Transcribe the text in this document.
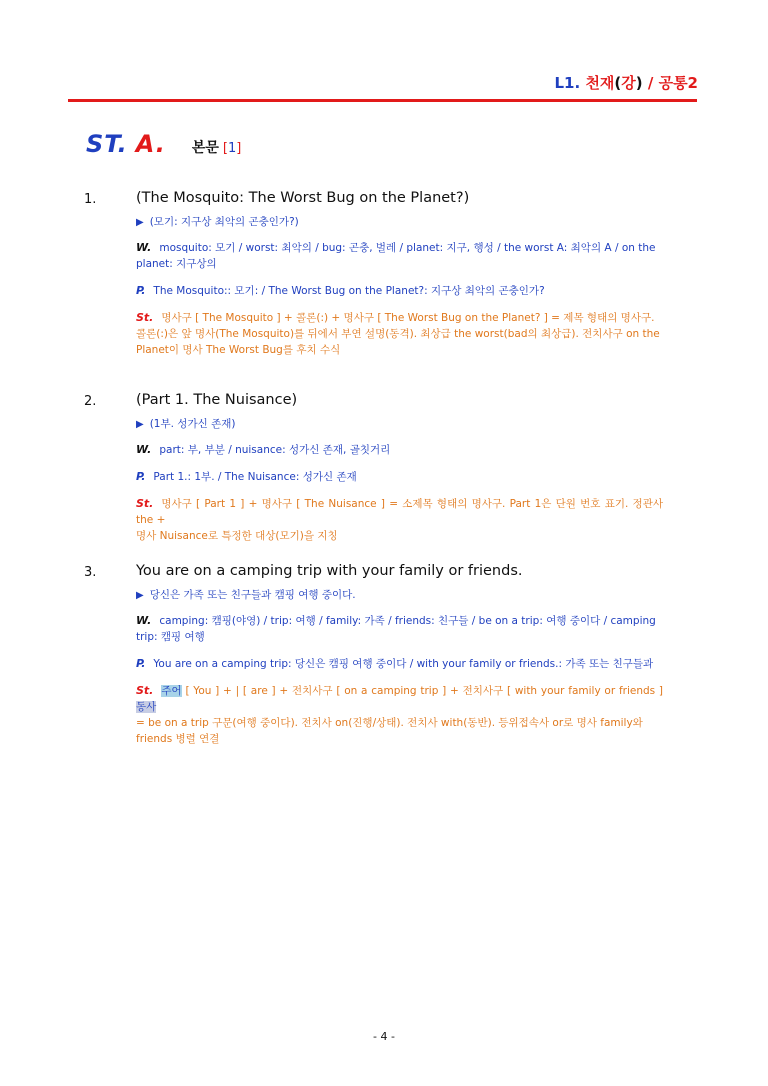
L1. 천재(강) / 공통2
ST. A. 본문 [1]
1.	(The Mosquito: The Worst Bug on the Planet?)
▶ (모기: 지구상 최악의 곤충인가?)
W. mosquito: 모기 / worst: 최악의 / bug: 곤충, 벌레 / planet: 지구, 행성 / the worst A: 최악의 A / on the
planet: 지구상의
P. The Mosquito:: 모기: / The Worst Bug on the Planet?: 지구상 최악의 곤충인가?
St. 명사구 [ The Mosquito ] + 콜론(:) + 명사구 [ The Worst Bug on the Planet? ] = 제목 형태의 명사구.
콜론(:)은 앞 명사(The Mosquito)를 뒤에서 부연 설명(동격). 최상급 the worst(bad의 최상급). 전치사구 on the
Planet이 명사 The Worst Bug를 후치 수식
2.	(Part 1. The Nuisance)
▶ (1부. 성가신 존재)
W. part: 부, 부분 / nuisance: 성가신 존재, 골칫거리
P. Part 1.: 1부. / The Nuisance: 성가신 존재
St. 명사구 [ Part 1 ] + 명사구 [ The Nuisance ] = 소제목 형태의 명사구. Part 1은 단원 번호 표기. 정관사 the +
명사 Nuisance로 특정한 대상(모기)을 지칭
3.	You are on a camping trip with your family or friends.
▶ 당신은 가족 또는 친구들과 캠핑 여행 중이다.
W. camping: 캠핑(야영) / trip: 여행 / family: 가족 / friends: 친구들 / be on a trip: 여행 중이다 / camping
trip: 캠핑 여행
P. You are on a camping trip: 당신은 캠핑 여행 중이다 / with your family or friends.: 가족 또는 친구들과
St. 주어 [ You ] + | [ are ] + 전치사구 [ on a camping trip ] + 전치사구 [ with your family or friends ] 동사
= be on a trip 구문(여행 중이다). 전치사 on(진행/상태). 전치사 with(동반). 등위접속사 or로 명사 family와
friends 병렬 연결
- 4 -
